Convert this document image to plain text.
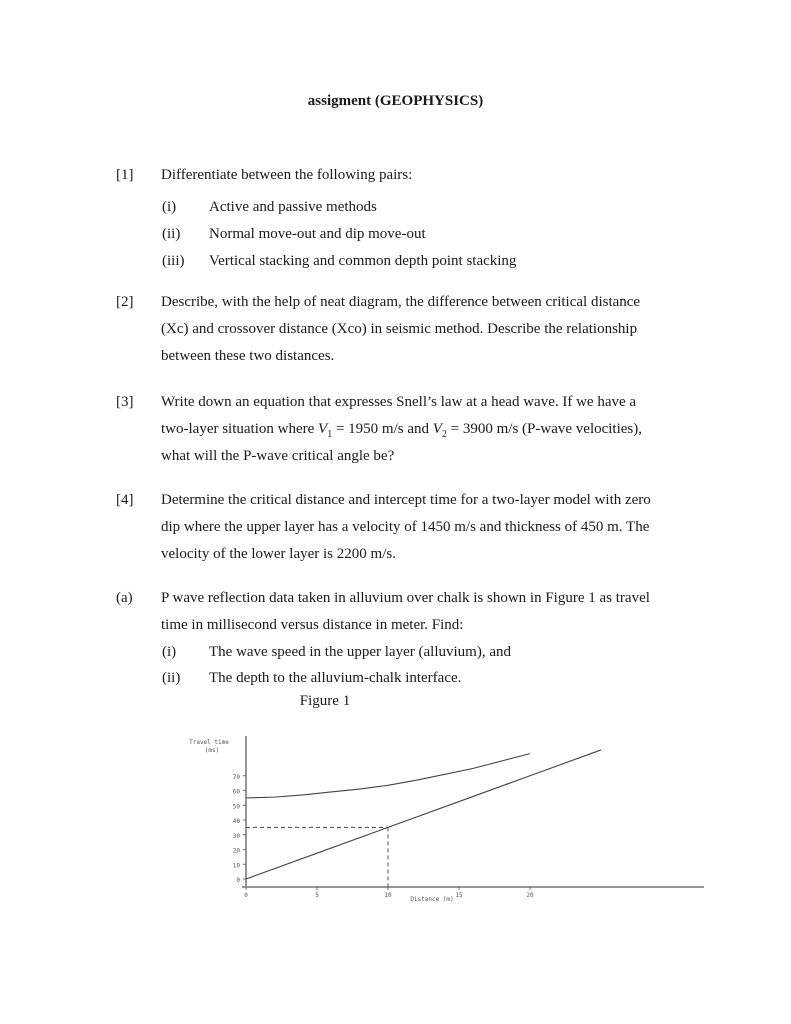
assigment (GEOPHYSICS)
[1] Differentiate between the following pairs:
(i) Active and passive methods
(ii) Normal move-out and dip move-out
(iii) Vertical stacking and common depth point stacking
[2] Describe, with the help of neat diagram, the difference between critical distance
(Xc) and crossover distance (Xco) in seismic method. Describe the relationship
between these two distances.
[3] Write down an equation that expresses Snell’s law at a head wave. If we have a
two-layer situation where $V_1 = 1950$ m/s and $V_2 = 3900$ m/s (P-wave velocities),
what will the P-wave critical angle be?
[4] Determine the critical distance and intercept time for a two-layer model with zero
dip where the upper layer has a velocity of 1450 m/s and thickness of 450 m. The
velocity of the lower layer is 2200 m/s.
(a) P wave reflection data taken in alluvium over chalk is shown in Figure 1 as travel
time in millisecond versus distance in meter. Find:
(i) The wave speed in the upper layer (alluvium), and
(ii) The depth to the alluvium-chalk interface.
Figure 1
0
10
20
30
40
50
60
70
0	5	10	15	20
Travel time
(ms)
Distance (m)
